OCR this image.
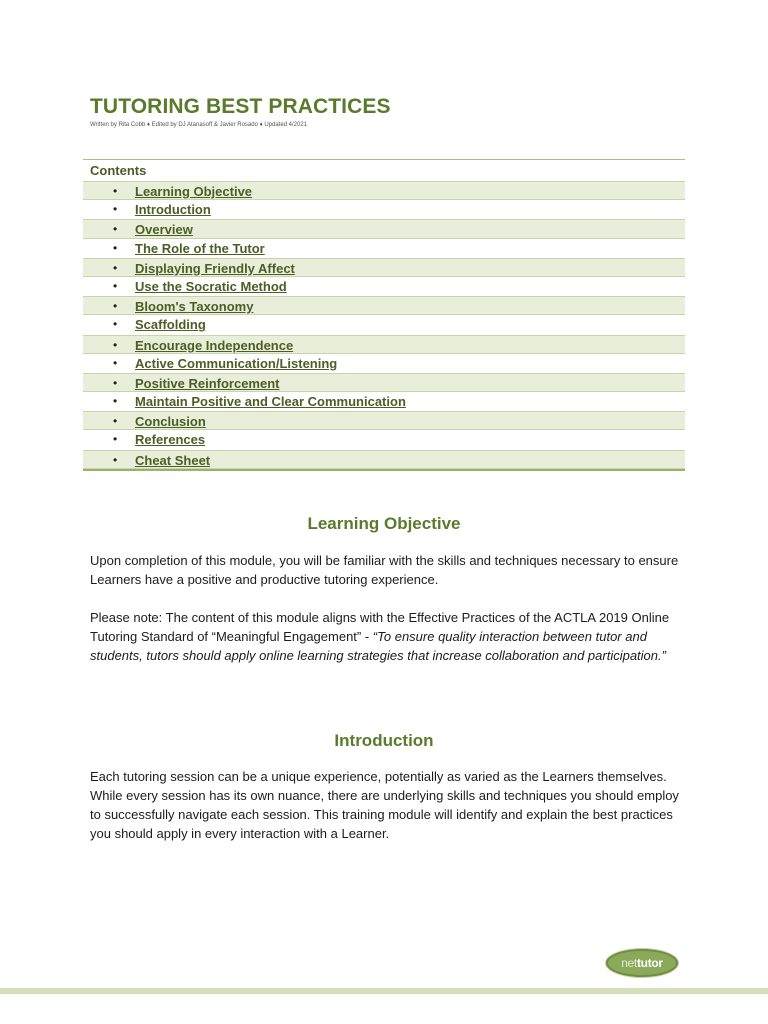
TUTORING BEST PRACTICES
Written by Rita Cobb ♦ Edited by DJ Atanasoff & Javier Rosado ♦ Updated 4/2021
Contents
• Learning Objective
• Introduction
• Overview
• The Role of the Tutor
• Displaying Friendly Affect
• Use the Socratic Method
• Bloom's Taxonomy
• Scaffolding
• Encourage Independence
• Active Communication/Listening
• Positive Reinforcement
• Maintain Positive and Clear Communication
• Conclusion
• References
• Cheat Sheet
Learning Objective

Upon completion of this module, you will be familiar with the skills and techniques necessary to ensure Learners have a positive and productive tutoring experience.

Please note: The content of this module aligns with the Effective Practices of the ACTLA 2019 Online Tutoring Standard of “Meaningful Engagement” - “To ensure quality interaction between tutor and students, tutors should apply online learning strategies that increase collaboration and participation.”

Introduction

Each tutoring session can be a unique experience, potentially as varied as the Learners themselves. While every session has its own nuance, there are underlying skills and techniques you should employ to successfully navigate each session. This training module will identify and explain the best practices you should apply in every interaction with a Learner.

nettutor
